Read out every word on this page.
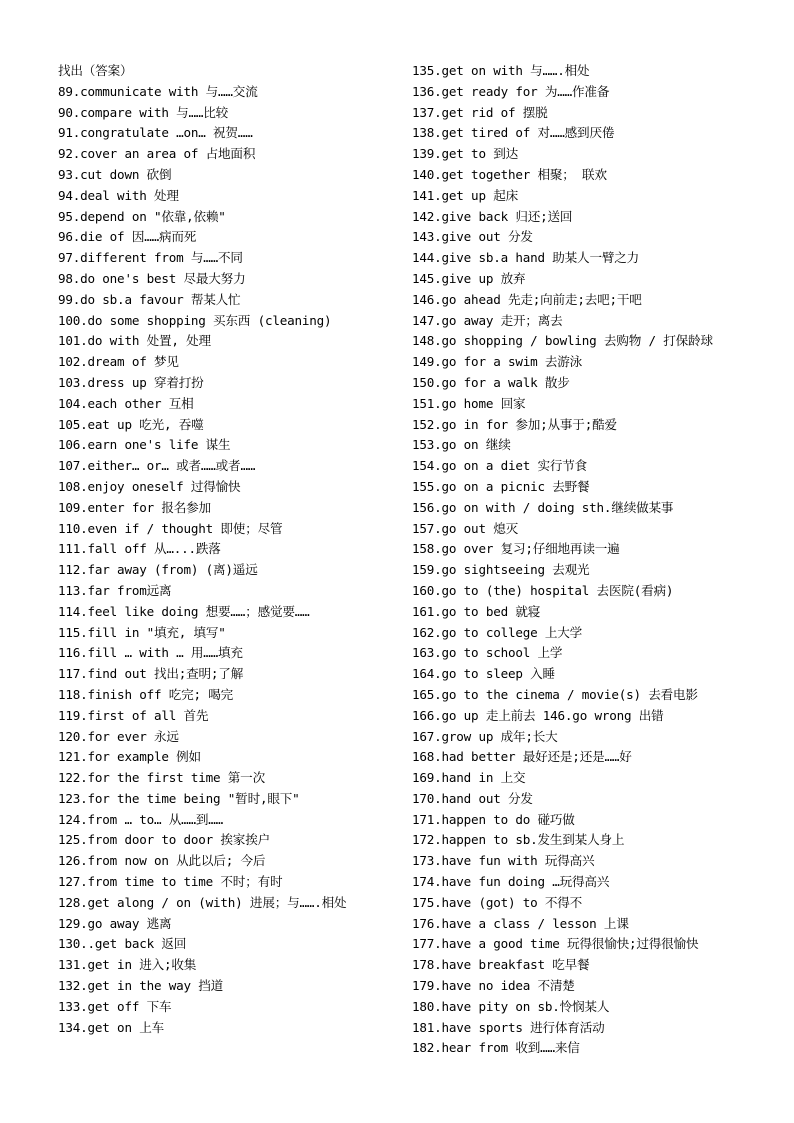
找出（答案）
89.communicate with 与……交流
90.compare with 与……比较
91.congratulate …on… 祝贺……
92.cover an area of 占地面积
93.cut down 砍倒
94.deal with 处理
95.depend on "依靠,依赖"
96.die of 因……病而死
97.different from 与……不同
98.do one's best 尽最大努力
99.do sb.a favour 帮某人忙
100.do some shopping 买东西 (cleaning)
101.do with 处置, 处理
102.dream of 梦见
103.dress up 穿着打扮
104.each other 互相
105.eat up 吃光, 吞噬
106.earn one's life 谋生
107.either… or… 或者……或者……
108.enjoy oneself 过得愉快
109.enter for 报名参加
110.even if / thought 即使；尽管
111.fall off 从…...跌落
112.far away (from) (离)遥远
113.far from远离
114.feel like doing 想要……；感觉要……
115.fill in "填充, 填写"
116.fill … with … 用……填充
117.find out 找出;查明;了解
118.finish off 吃完; 喝完
119.first of all 首先
120.for ever 永远
121.for example 例如
122.for the first time 第一次
123.for the time being "暂时,眼下"
124.from … to… 从……到……
125.from door to door 挨家挨户
126.from now on 从此以后; 今后
127.from time to time 不时；有时
128.get along / on (with) 进展；与…….相处
129.go away 逃离
130..get back 返回
131.get in 进入;收集
132.get in the way 挡道
133.get off 下车
134.get on 上车
135.get on with 与…….相处
136.get ready for 为……作准备
137.get rid of 摆脱
138.get tired of 对……感到厌倦
139.get to 到达
140.get together 相聚； 联欢
141.get up 起床
142.give back 归还;送回
143.give out 分发
144.give sb.a hand 助某人一臂之力
145.give up 放弃
146.go ahead 先走;向前走;去吧;干吧
147.go away 走开；离去
148.go shopping / bowling 去购物 / 打保龄球
149.go for a swim 去游泳
150.go for a walk 散步
151.go home 回家
152.go in for 参加;从事于;酷爱
153.go on 继续
154.go on a diet 实行节食
155.go on a picnic 去野餐
156.go on with / doing sth.继续做某事
157.go out 熄灭
158.go over 复习;仔细地再读一遍
159.go sightseeing 去观光
160.go to (the) hospital 去医院(看病)
161.go to bed 就寝
162.go to college 上大学
163.go to school 上学
164.go to sleep 入睡
165.go to the cinema / movie(s) 去看电影
166.go up 走上前去 146.go wrong 出错
167.grow up 成年;长大
168.had better 最好还是;还是……好
169.hand in 上交
170.hand out 分发
171.happen to do 碰巧做
172.happen to sb.发生到某人身上
173.have fun with 玩得高兴
174.have fun doing …玩得高兴
175.have (got) to 不得不
176.have a class / lesson 上课
177.have a good time 玩得很愉快;过得很愉快
178.have breakfast 吃早餐
179.have no idea 不清楚
180.have pity on sb.怜悯某人
181.have sports 进行体育活动
182.hear from 收到……来信
